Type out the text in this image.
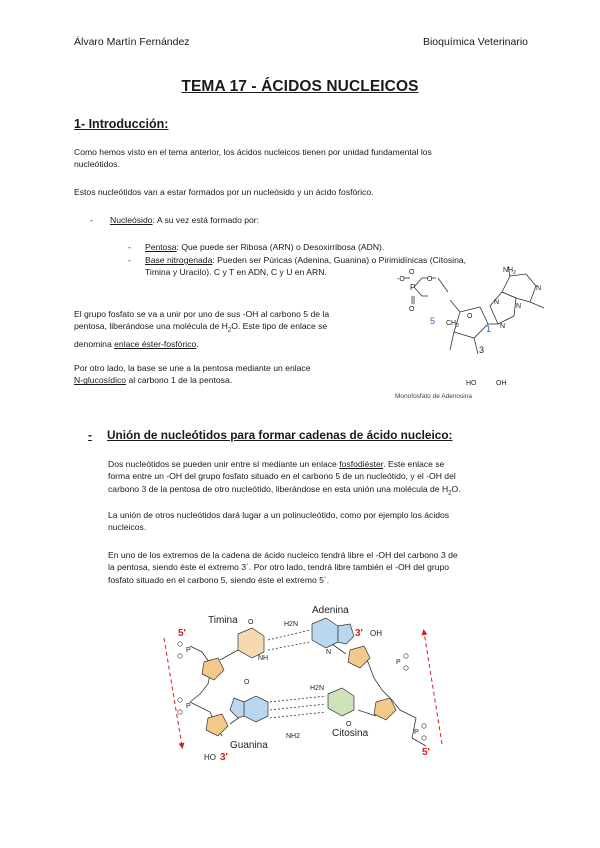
Álvaro Martín Fernández	Bioquímica Veterinario
TEMA 17 - ÁCIDOS NUCLEICOS
1- Introducción:
Como hemos visto en el tema anterior, los ácidos nucleicos tienen por unidad fundamental los
nucleótidos.
Estos nucleótidos van a estar formados por un nucleósido y un ácido fosfórico.
- Nucleósido: A su vez está formado por:
- Pentosa: Que puede ser Ribosa (ARN) o Desoxirribosa (ADN).
- Base nitrogenada: Pueden ser Púricas (Adenina, Guanina) o Pirimidínicas (Citosina,
Timina y Uracilo). C y T en ADN, C y U en ARN.
El grupo fosfato se va a unir por uno de sus -OH al carbono 5 de la
pentosa, liberándose una molécula de $H_2O$. Este tipo de enlace se
denomina enlace éster-fosfórico.
Por otro lado, la base se une a la pentosa mediante un enlace
N-glucosídico al carbono 1 de la pentosa.
-O
P
O
O
O
5 $CH_2$
O
3
1
HO	OH
$NH_2$
N
N
N
N
Monofosfato de Adenosina
- Unión de nucleótidos para formar cadenas de ácido nucleico:
Dos nucleótidos se pueden unir entre sí mediante un enlace fosfodiéster. Este enlace se
forma entre un -OH del grupo fosfato situado en el carbono 5 de un nucleótido, y el -OH del
carbono 3 de la pentosa de otro nucleótido, liberándose en esta unión una molécula de $H_2O$.
La unión de otros nucleótidos dará lugar a un polinucleótido, como por ejemplo los ácidos
nucleicos.
En uno de los extremos de la cadena de ácido nucleico tendrá libre el -OH del carbono 3 de
la pentosa, siendo éste el extremo 3´. Por otro lado, tendrá libre también el -OH del grupo
fosfato situado en el carbono 5, siendo éste el extremo 5´.
P
P
P
P
Timina
Adenina
Guanina
Citosina
5'	3' OH
HO 3'	5'
H2N
H2N
NH
NH2
O
O
O
N
